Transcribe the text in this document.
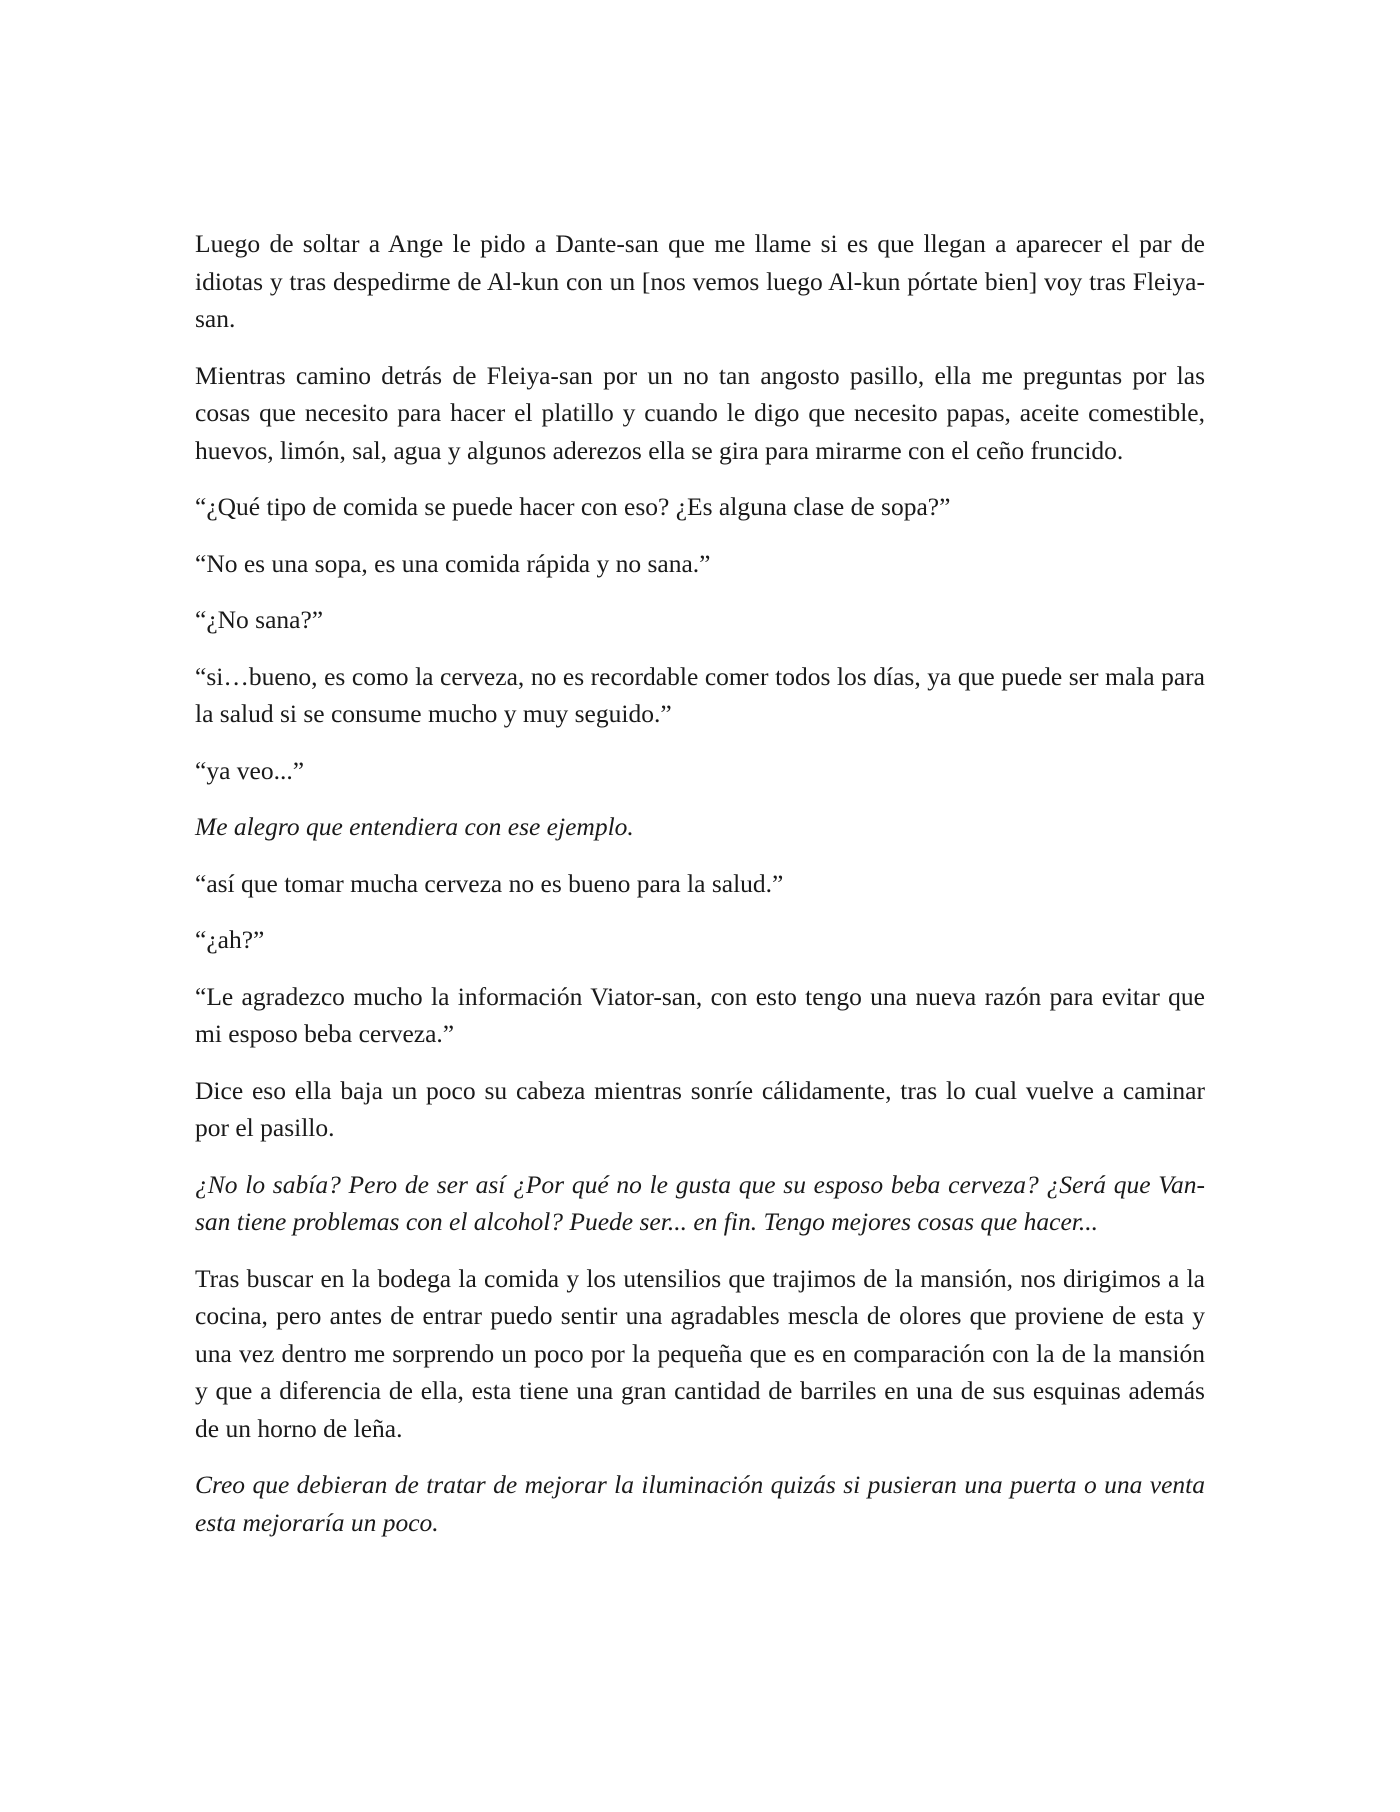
Luego de soltar a Ange le pido a Dante-san que me llame si es que llegan a aparecer el par de idiotas y tras despedirme de Al-kun con un [nos vemos luego Al-kun pórtate bien] voy tras Fleiya-san.

Mientras camino detrás de Fleiya-san por un no tan angosto pasillo, ella me preguntas por las cosas que necesito para hacer el platillo y cuando le digo que necesito papas, aceite comestible, huevos, limón, sal, agua y algunos aderezos ella se gira para mirarme con el ceño fruncido.

“¿Qué tipo de comida se puede hacer con eso? ¿Es alguna clase de sopa?”

“No es una sopa, es una comida rápida y no sana.”

“¿No sana?”

“si…bueno, es como la cerveza, no es recordable comer todos los días, ya que puede ser mala para la salud si se consume mucho y muy seguido.”

“ya veo...”

Me alegro que entendiera con ese ejemplo.

“así que tomar mucha cerveza no es bueno para la salud.”

“¿ah?”

“Le agradezco mucho la información Viator-san, con esto tengo una nueva razón para evitar que mi esposo beba cerveza.”

Dice eso ella baja un poco su cabeza mientras sonríe cálidamente, tras lo cual vuelve a caminar por el pasillo.

¿No lo sabía? Pero de ser así ¿Por qué no le gusta que su esposo beba cerveza? ¿Será que Van-san tiene problemas con el alcohol? Puede ser... en fin. Tengo mejores cosas que hacer...

Tras buscar en la bodega la comida y los utensilios que trajimos de la mansión, nos dirigimos a la cocina, pero antes de entrar puedo sentir una agradables mescla de olores que proviene de esta y una vez dentro me sorprendo un poco por la pequeña que es en comparación con la de la mansión y que a diferencia de ella, esta tiene una gran cantidad de barriles en una de sus esquinas además de un horno de leña.

Creo que debieran de tratar de mejorar la iluminación quizás si pusieran una puerta o una venta esta mejoraría un poco.
